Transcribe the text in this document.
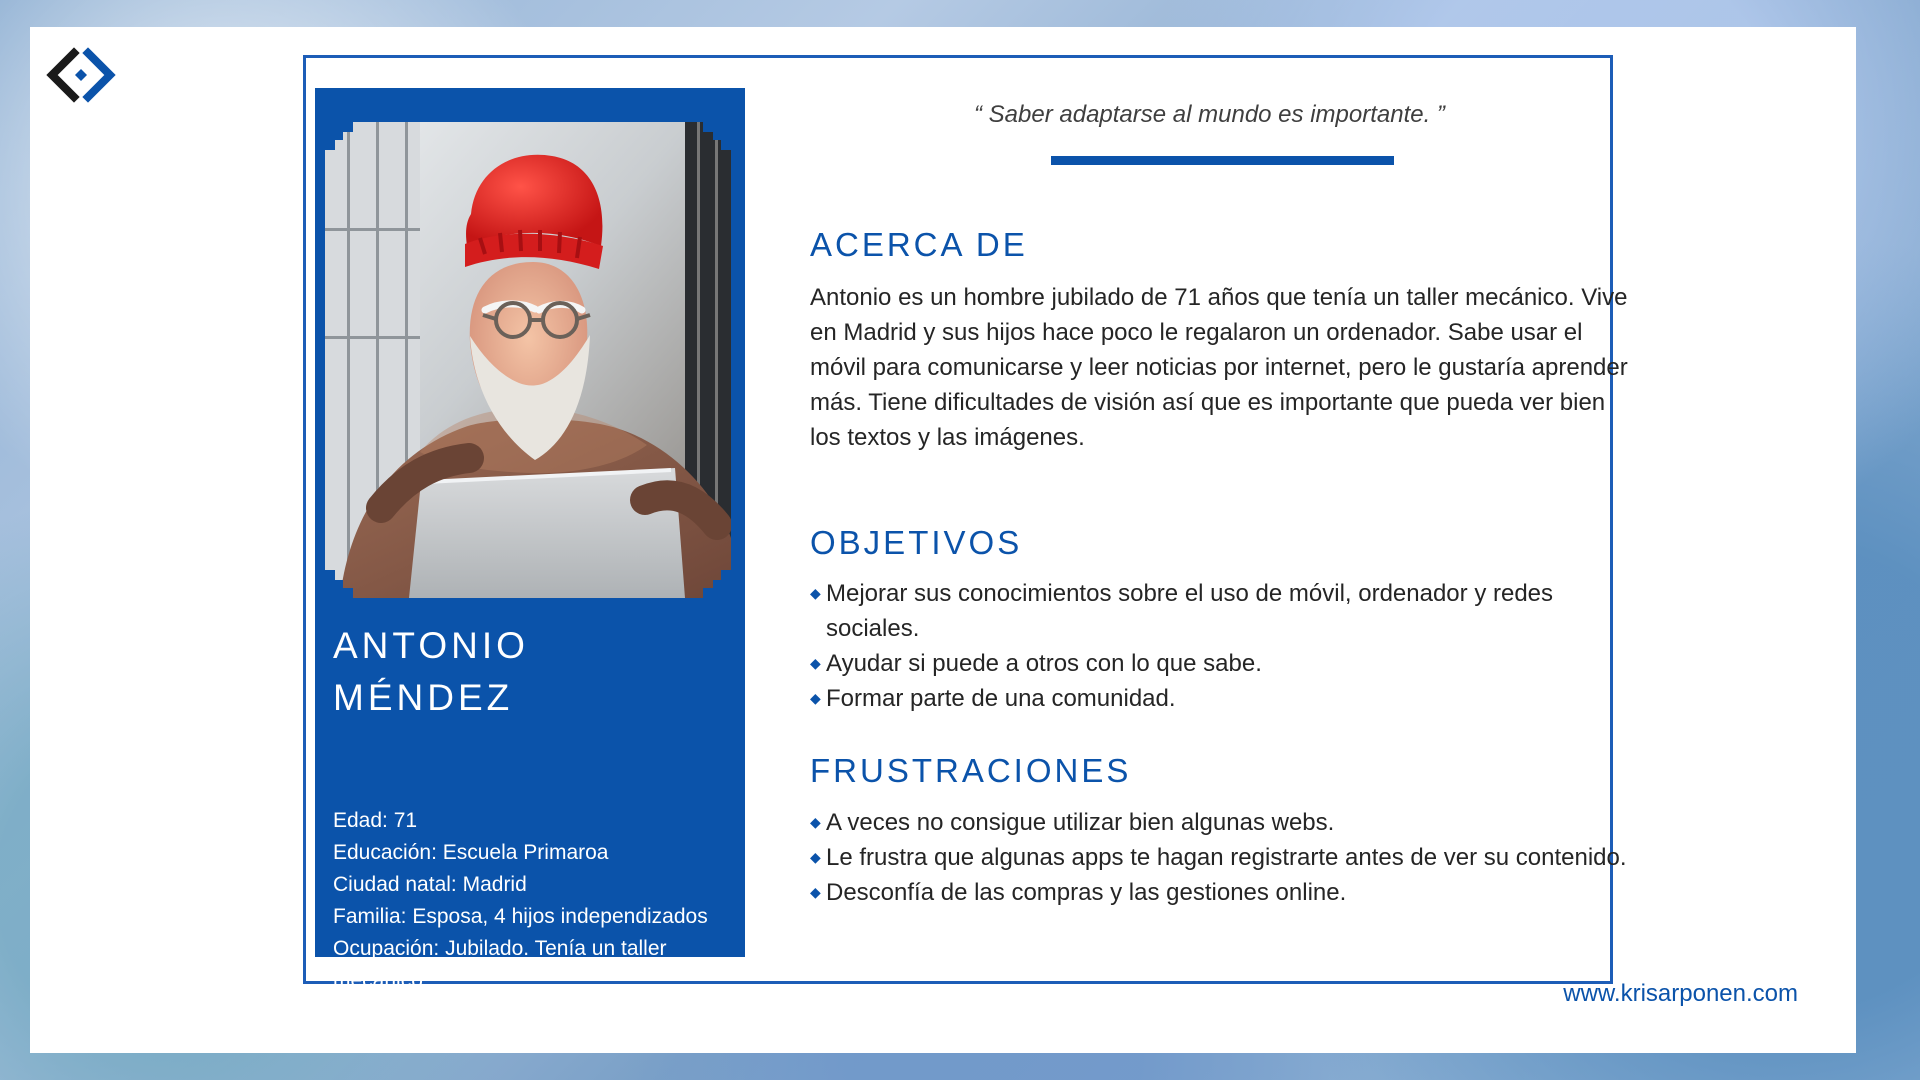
ANTONIO
MÉNDEZ
Edad: 71
Educación: Escuela Primaroa
Ciudad natal: Madrid
Familia: Esposa, 4 hijos independizados
Ocupación: Jubilado. Tenía un taller mecánico
“ Saber adaptarse al mundo es importante. ”
ACERCA DE
Antonio es un hombre jubilado de 71 años que tenía un taller mecánico. Vive en Madrid y sus hijos hace poco le regalaron un ordenador. Sabe usar el móvil para comunicarse y leer noticias por internet, pero le gustaría aprender más. Tiene dificultades de visión así que es importante que pueda ver bien los textos y las imágenes.
OBJETIVOS
◆ Mejorar sus conocimientos sobre el uso de móvil, ordenador y redes sociales.
◆ Ayudar si puede a otros con lo que sabe.
◆ Formar parte de una comunidad.
FRUSTRACIONES
◆ A veces no consigue utilizar bien algunas webs.
◆ Le frustra que algunas apps te hagan registrarte antes de ver su contenido.
◆ Desconfía de las compras y las gestiones online.
www.krisarponen.com
